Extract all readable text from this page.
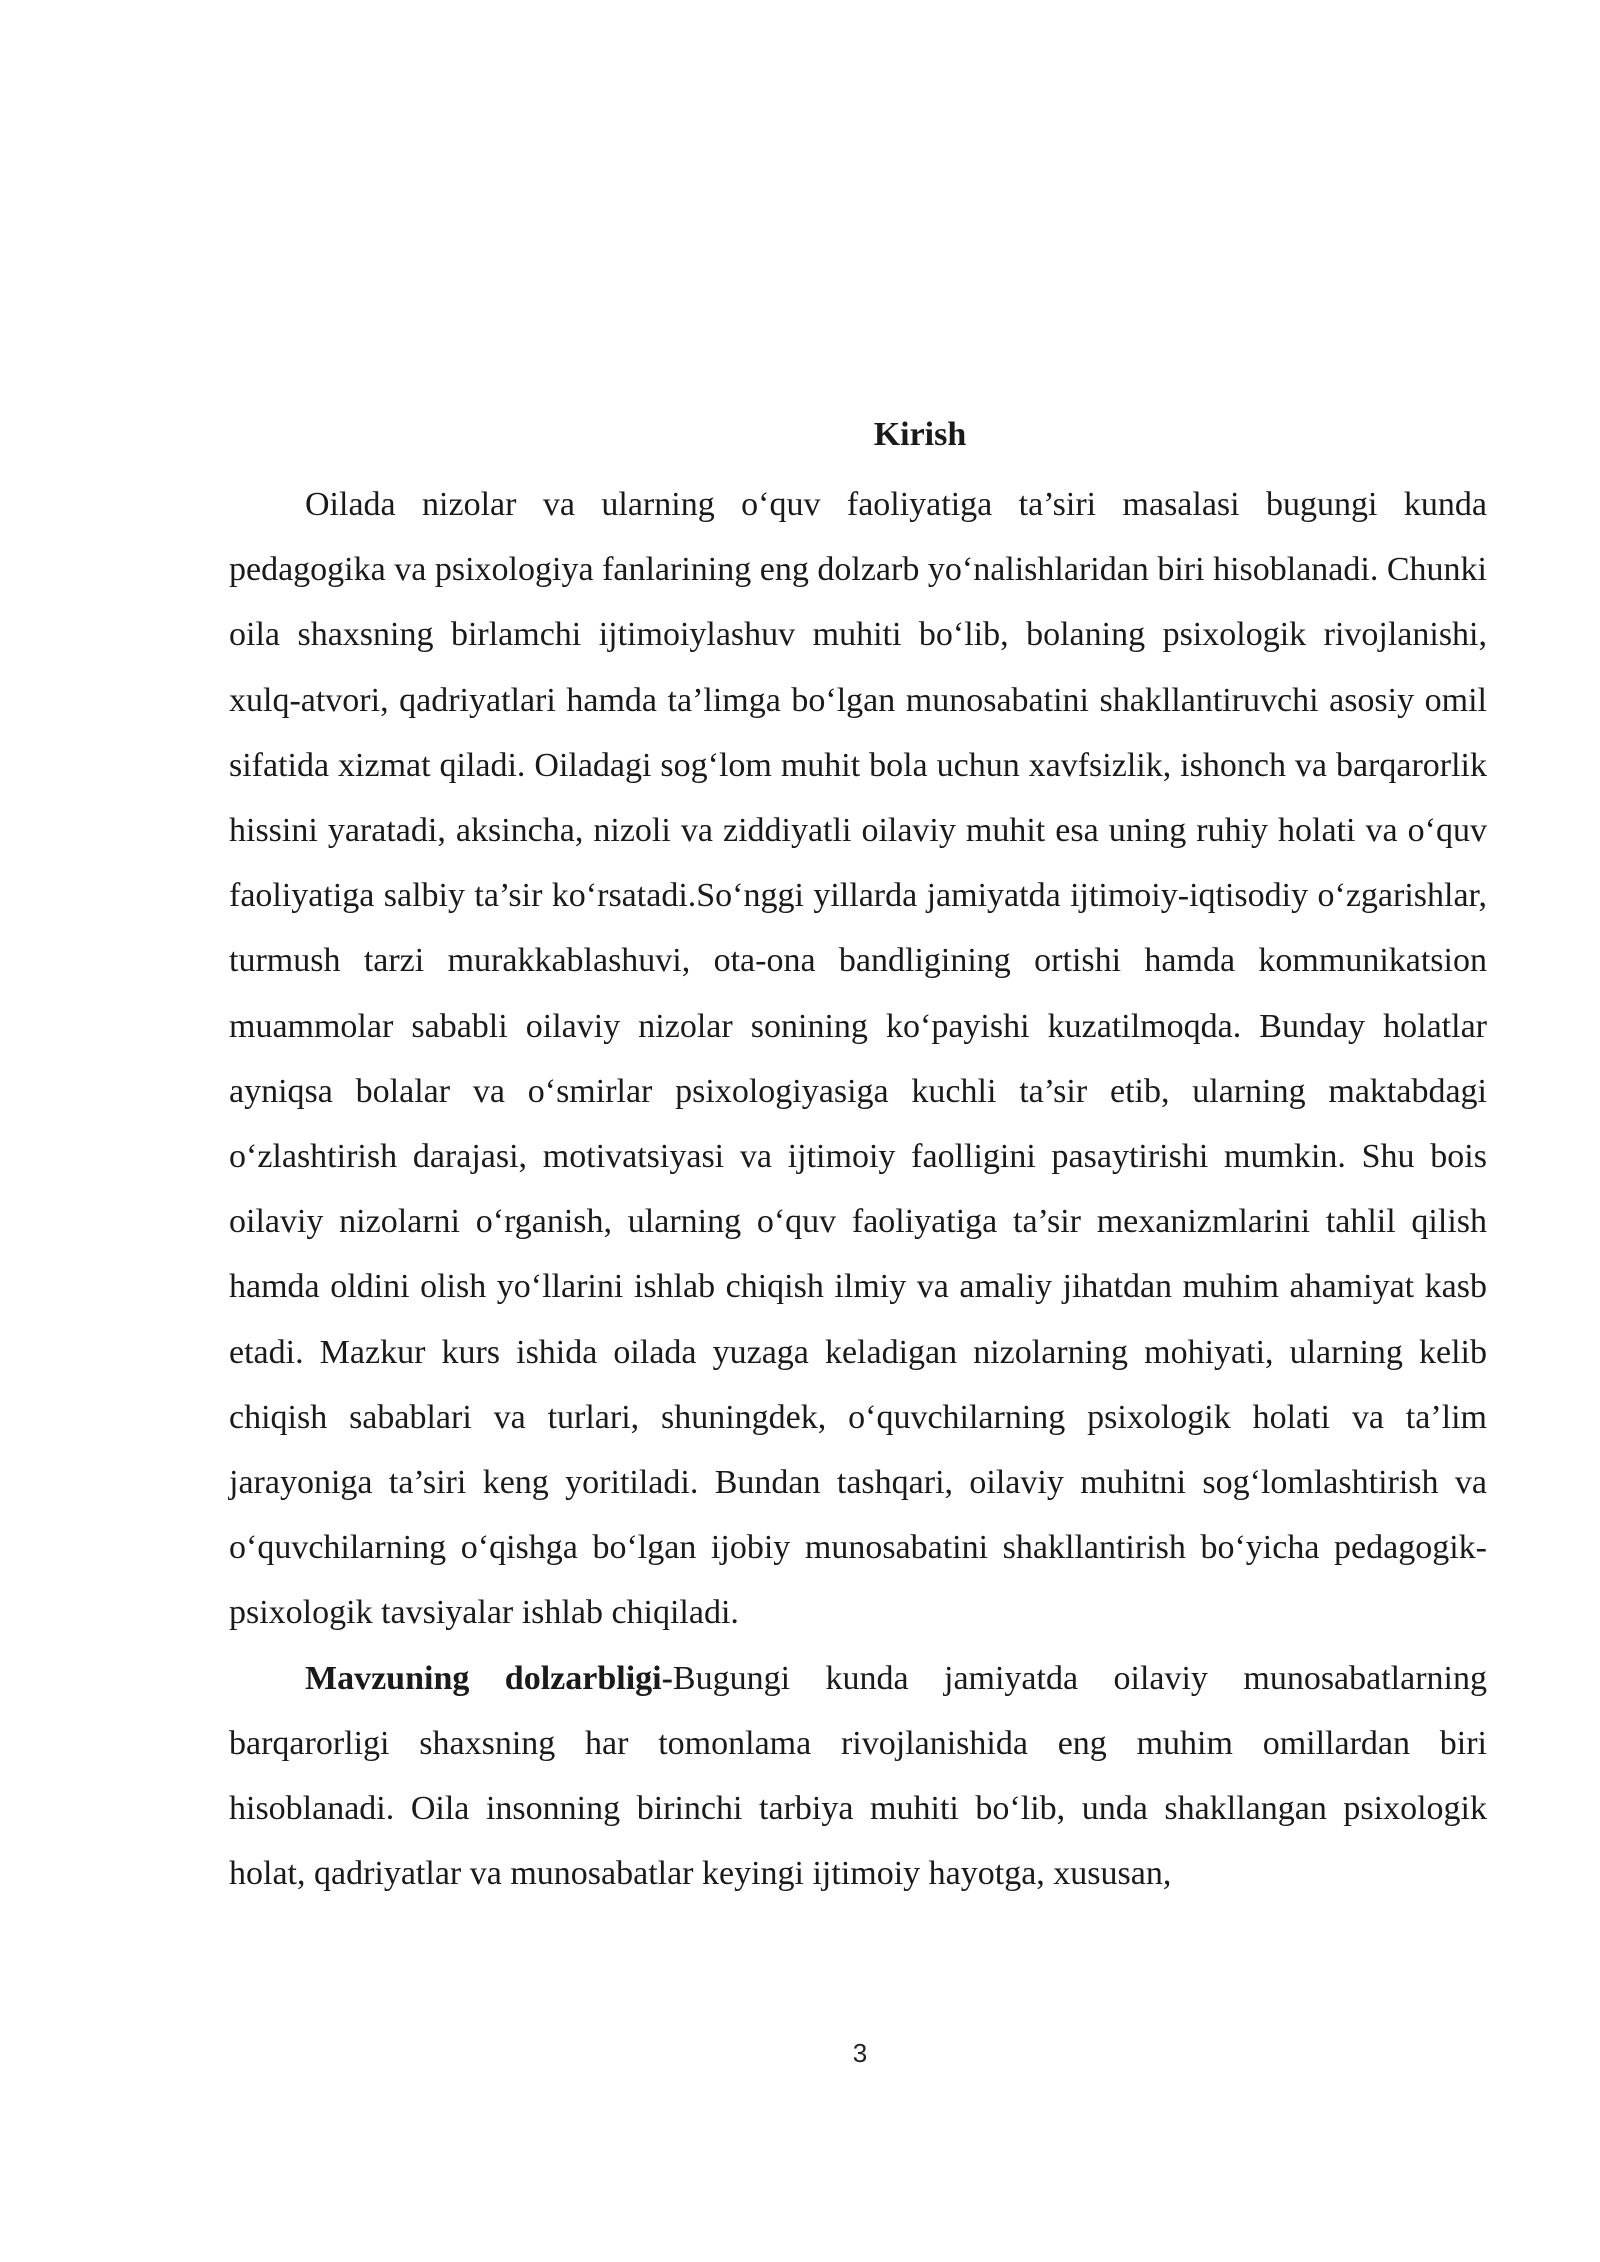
Kirish

Oilada nizolar va ularning o‘quv faoliyatiga ta’siri masalasi bugungi kunda pedagogika va psixologiya fanlarining eng dolzarb yo‘nalishlaridan biri hisoblanadi. Chunki oila shaxsning birlamchi ijtimoiylashuv muhiti bo‘lib, bolaning psixologik rivojlanishi, xulq-atvori, qadriyatlari hamda ta’limga bo‘lgan munosabatini shakllantiruvchi asosiy omil sifatida xizmat qiladi. Oiladagi sog‘lom muhit bola uchun xavfsizlik, ishonch va barqarorlik hissini yaratadi, aksincha, nizoli va ziddiyatli oilaviy muhit esa uning ruhiy holati va o‘quv faoliyatiga salbiy ta’sir ko‘rsatadi.So‘nggi yillarda jamiyatda ijtimoiy-iqtisodiy o‘zgarishlar, turmush tarzi murakkablashuvi, ota-ona bandligining ortishi hamda kommunikatsion muammolar sababli oilaviy nizolar sonining ko‘payishi kuzatilmoqda. Bunday holatlar ayniqsa bolalar va o‘smirlar psixologiyasiga kuchli ta’sir etib, ularning maktabdagi o‘zlashtirish darajasi, motivatsiyasi va ijtimoiy faolligini pasaytirishi mumkin. Shu bois oilaviy nizolarni o‘rganish, ularning o‘quv faoliyatiga ta’sir mexanizmlarini tahlil qilish hamda oldini olish yo‘llarini ishlab chiqish ilmiy va amaliy jihatdan muhim ahamiyat kasb etadi. Mazkur kurs ishida oilada yuzaga keladigan nizolarning mohiyati, ularning kelib chiqish sabablari va turlari, shuningdek, o‘quvchilarning psixologik holati va ta’lim jarayoniga ta’siri keng yoritiladi. Bundan tashqari, oilaviy muhitni sog‘lomlashtirish va o‘quvchilarning o‘qishga bo‘lgan ijobiy munosabatini shakllantirish bo‘yicha pedagogik-psixologik tavsiyalar ishlab chiqiladi.

Mavzuning dolzarbligi-Bugungi kunda jamiyatda oilaviy munosabatlarning barqarorligi shaxsning har tomonlama rivojlanishida eng muhim omillardan biri hisoblanadi. Oila insonning birinchi tarbiya muhiti bo‘lib, unda shakllangan psixologik holat, qadriyatlar va munosabatlar keyingi ijtimoiy hayotga, xususan,

3
